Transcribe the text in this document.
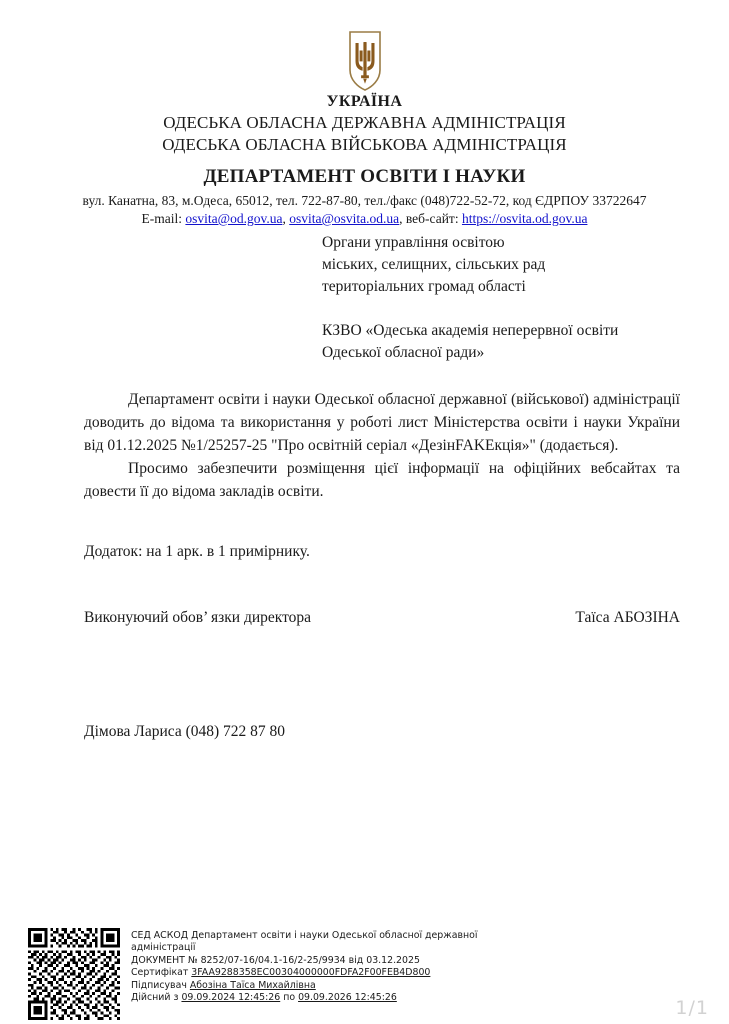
УКРАЇНА
ОДЕСЬКА ОБЛАСНА ДЕРЖАВНА АДМІНІСТРАЦІЯ
ОДЕСЬКА ОБЛАСНА ВІЙСЬКОВА АДМІНІСТРАЦІЯ
ДЕПАРТАМЕНТ ОСВІТИ І НАУКИ
вул. Канатна, 83, м.Одеса, 65012, тел. 722-87-80, тел./факс (048)722-52-72, код ЄДРПОУ 33722647
E-mail: osvita@od.gov.ua, osvita@osvita.od.ua, веб-сайт: https://osvita.od.gov.ua
Органи управління освітою
міських, селищних, сільських рад
територіальних громад області
КЗВО «Одеська академія неперервної освіти
Одеської обласної ради»

Департамент освіти і науки Одеської обласної державної (військової) адміністрації доводить до відома та використання у роботі лист Міністерства освіти і науки України від 01.12.2025 №1/25257-25 "Про освітній серіал «ДезінFAKEкція»" (додається).

Просимо забезпечити розміщення цієї інформації на офіційних вебсайтах та довести її до відома закладів освіти.

Додаток: на 1 арк. в 1 примірнику.
Виконуючий обов’ язки директора	Таїса АБОЗІНА
Дімова Лариса (048) 722 87 80
СЕД АСКОД Департамент освіти і науки Одеської обласної державної
адміністрації
ДОКУМЕНТ № 8252/07-16/04.1-16/2-25/9934 від 03.12.2025
Сертифікат 3FAA9288358EC00304000000FDFA2F00FEB4D800
Підписувач Абозіна Таїса Михайлівна
Дійсний з 09.09.2024 12:45:26 по 09.09.2026 12:45:26	1/1
